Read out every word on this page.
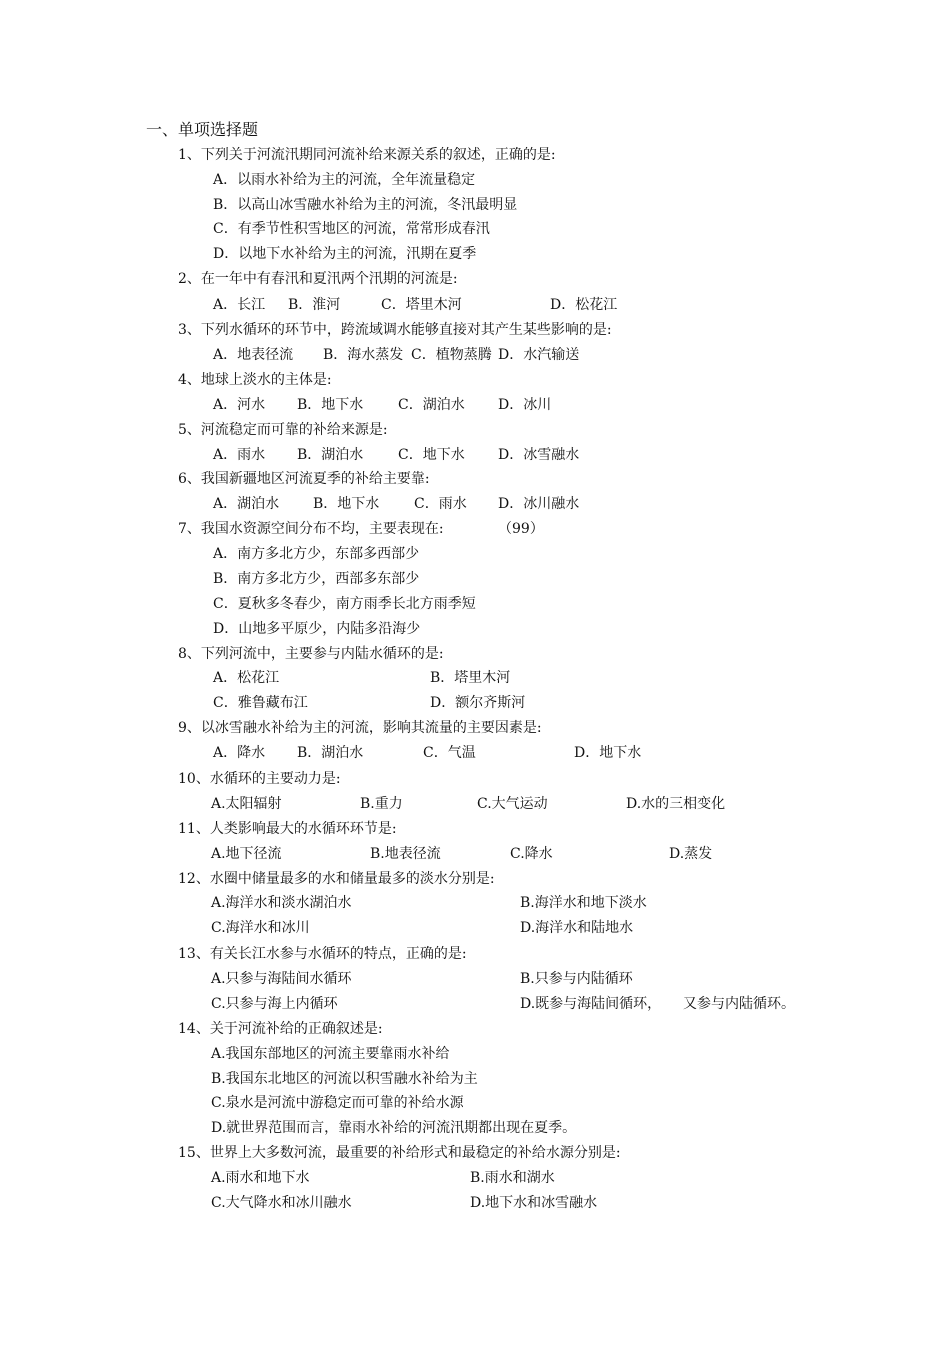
一、单项选择题
1、下列关于河流汛期同河流补给来源关系的叙述，正确的是:
A．以雨水补给为主的河流，全年流量稳定
B．以高山冰雪融水补给为主的河流，冬汛最明显
C．有季节性积雪地区的河流，常常形成春汛
D．以地下水补给为主的河流，汛期在夏季
2、在一年中有春汛和夏汛两个汛期的河流是:
A．长江 B．淮河	C．塔里木河	D．松花江
3、下列水循环的环节中，跨流域调水能够直接对其产生某些影响的是:
A．地表径流 B．海水蒸发 C．植物蒸腾 D．水汽输送
4、地球上淡水的主体是:
A．河水 B．地下水 C．湖泊水 D．冰川
5、河流稳定而可靠的补给来源是:
A．雨水 B．湖泊水 C．地下水 D．冰雪融水
6、我国新疆地区河流夏季的补给主要靠:
A．湖泊水 B．地下水 C．雨水 D．冰川融水
7、我国水资源空间分布不均，主要表现在:	（99）
A．南方多北方少，东部多西部少
B．南方多北方少，西部多东部少
C．夏秋多冬春少，南方雨季长北方雨季短
D．山地多平原少，内陆多沿海少
8、下列河流中，主要参与内陆水循环的是:
A．松花江	B．塔里木河
C．雅鲁藏布江	D．额尔齐斯河
9、以冰雪融水补给为主的河流，影响其流量的主要因素是:
A．降水 B．湖泊水	C．气温	D．地下水
10、水循环的主要动力是:
A.太阳辐射	B.重力	C.大气运动	D.水的三相变化
11、人类影响最大的水循环环节是:
A.地下径流	B.地表径流	C.降水	D.蒸发
12、水圈中储量最多的水和储量最多的淡水分别是:
A.海洋水和淡水湖泊水	B.海洋水和地下淡水
C.海洋水和冰川	D.海洋水和陆地水
13、有关长江水参与水循环的特点，正确的是:
A.只参与海陆间水循环	B.只参与内陆循环
C.只参与海上内循环	D.既参与海陆间循环， 又参与内陆循环。
14、关于河流补给的正确叙述是:
A.我国东部地区的河流主要靠雨水补给
B.我国东北地区的河流以积雪融水补给为主
C.泉水是河流中游稳定而可靠的补给水源
D.就世界范围而言，靠雨水补给的河流汛期都出现在夏季。
15、世界上大多数河流，最重要的补给形式和最稳定的补给水源分别是:
A.雨水和地下水	B.雨水和湖水
C.大气降水和冰川融水	D.地下水和冰雪融水
